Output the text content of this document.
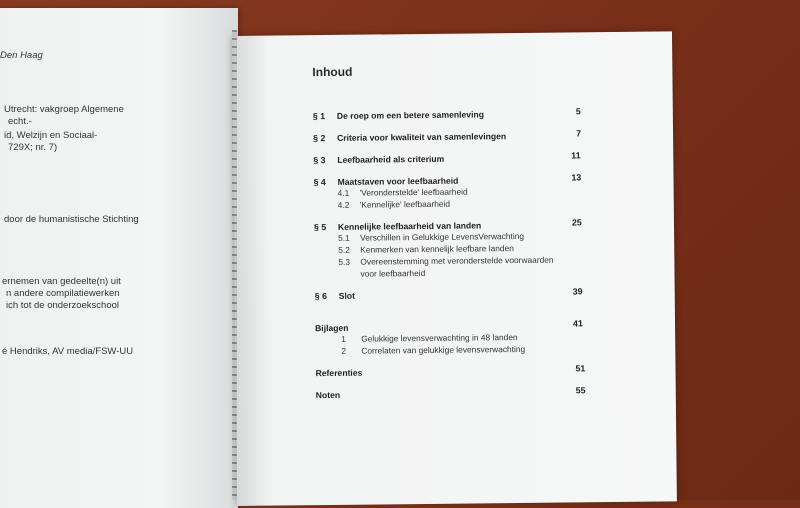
Den Haag
Utrecht: vakgroep Algemene
echt.-
id, Welzijn en Sociaal-
729X; nr. 7)
door de humanistische Stichting
ernemen van gedeelte(n) uit
n andere compilatiewerken
ich tot de onderzoekschool
é Hendriks, AV media/FSW-UU
Inhoud
§ 1 De roep om een betere samenleving	5
§ 2 Criteria voor kwaliteit van samenlevingen	7
§ 3 Leefbaarheid als criterium	11
§ 4 Maatstaven voor leefbaarheid	13
4.1 'Veronderstelde' leefbaarheid
4.2 'Kennelijke' leefbaarheid
§ 5 Kennelijke leefbaarheid van landen	25
5.1 Verschillen in Gelukkige LevensVerwachting
5.2 Kenmerken van kennelijk leefbare landen
5.3 Overeenstemming met veronderstelde voorwaarden
voor leefbaarheid
§ 6 Slot	39
Bijlagen	41
1 Gelukkige levensverwachting in 48 landen
2 Correlaten van gelukkige levensverwachting
Referenties	51
Noten	55
